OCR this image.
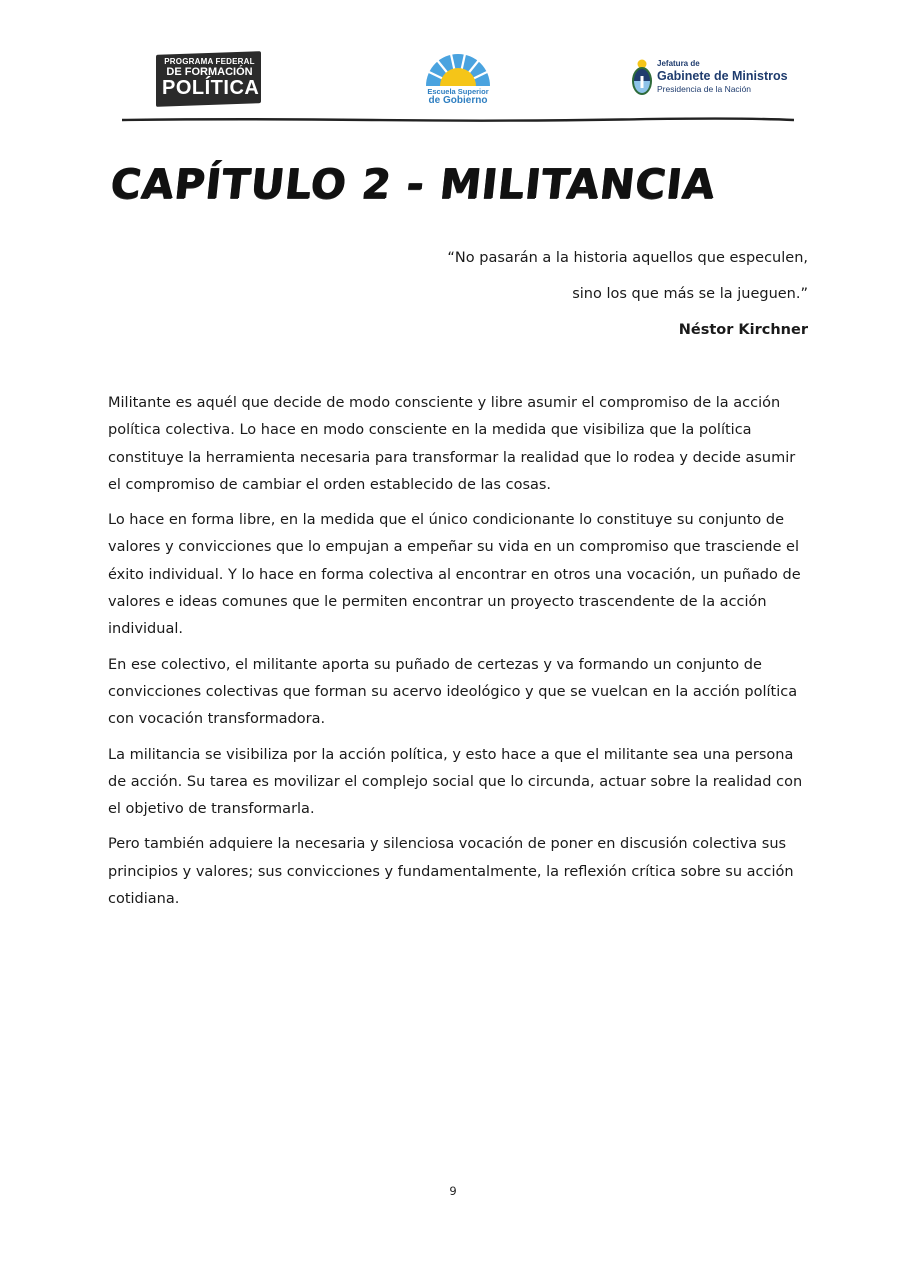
PROGRAMA FEDERAL
DE FORMACIÓN
POLÍTICA	Escuela Superior
de Gobierno
Jefatura de
Gabinete de Ministros
Presidencia de la Nación
CAPÍTULO 2 - MILITANCIA
“No pasarán a la historia aquellos que especulen,
sino los que más se la jueguen.”
Néstor Kirchner

Militante es aquél que decide de modo consciente y libre asumir el compromiso de la acción política colectiva. Lo hace en modo consciente en la medida que visibiliza que la política constituye la herramienta necesaria para transformar la realidad que lo rodea y decide asumir el compromiso de cambiar el orden establecido de las cosas.

Lo hace en forma libre, en la medida que el único condicionante lo constituye su conjunto de valores y convicciones que lo empujan a empeñar su vida en un compromiso que trasciende el éxito individual. Y lo hace en forma colectiva al encontrar en otros una vocación, un puñado de valores e ideas comunes que le permiten encontrar un proyecto trascendente de la acción individual.

En ese colectivo, el militante aporta su puñado de certezas y va formando un conjunto de convicciones colectivas que forman su acervo ideológico y que se vuelcan en la acción política con vocación transformadora.

La militancia se visibiliza por la acción política, y esto hace a que el militante sea una persona de acción. Su tarea es movilizar el complejo social que lo circunda, actuar sobre la realidad con el objetivo de transformarla.

Pero también adquiere la necesaria y silenciosa vocación de poner en discusión colectiva sus principios y valores; sus convicciones y fundamentalmente, la reflexión crítica sobre su acción cotidiana.

9
